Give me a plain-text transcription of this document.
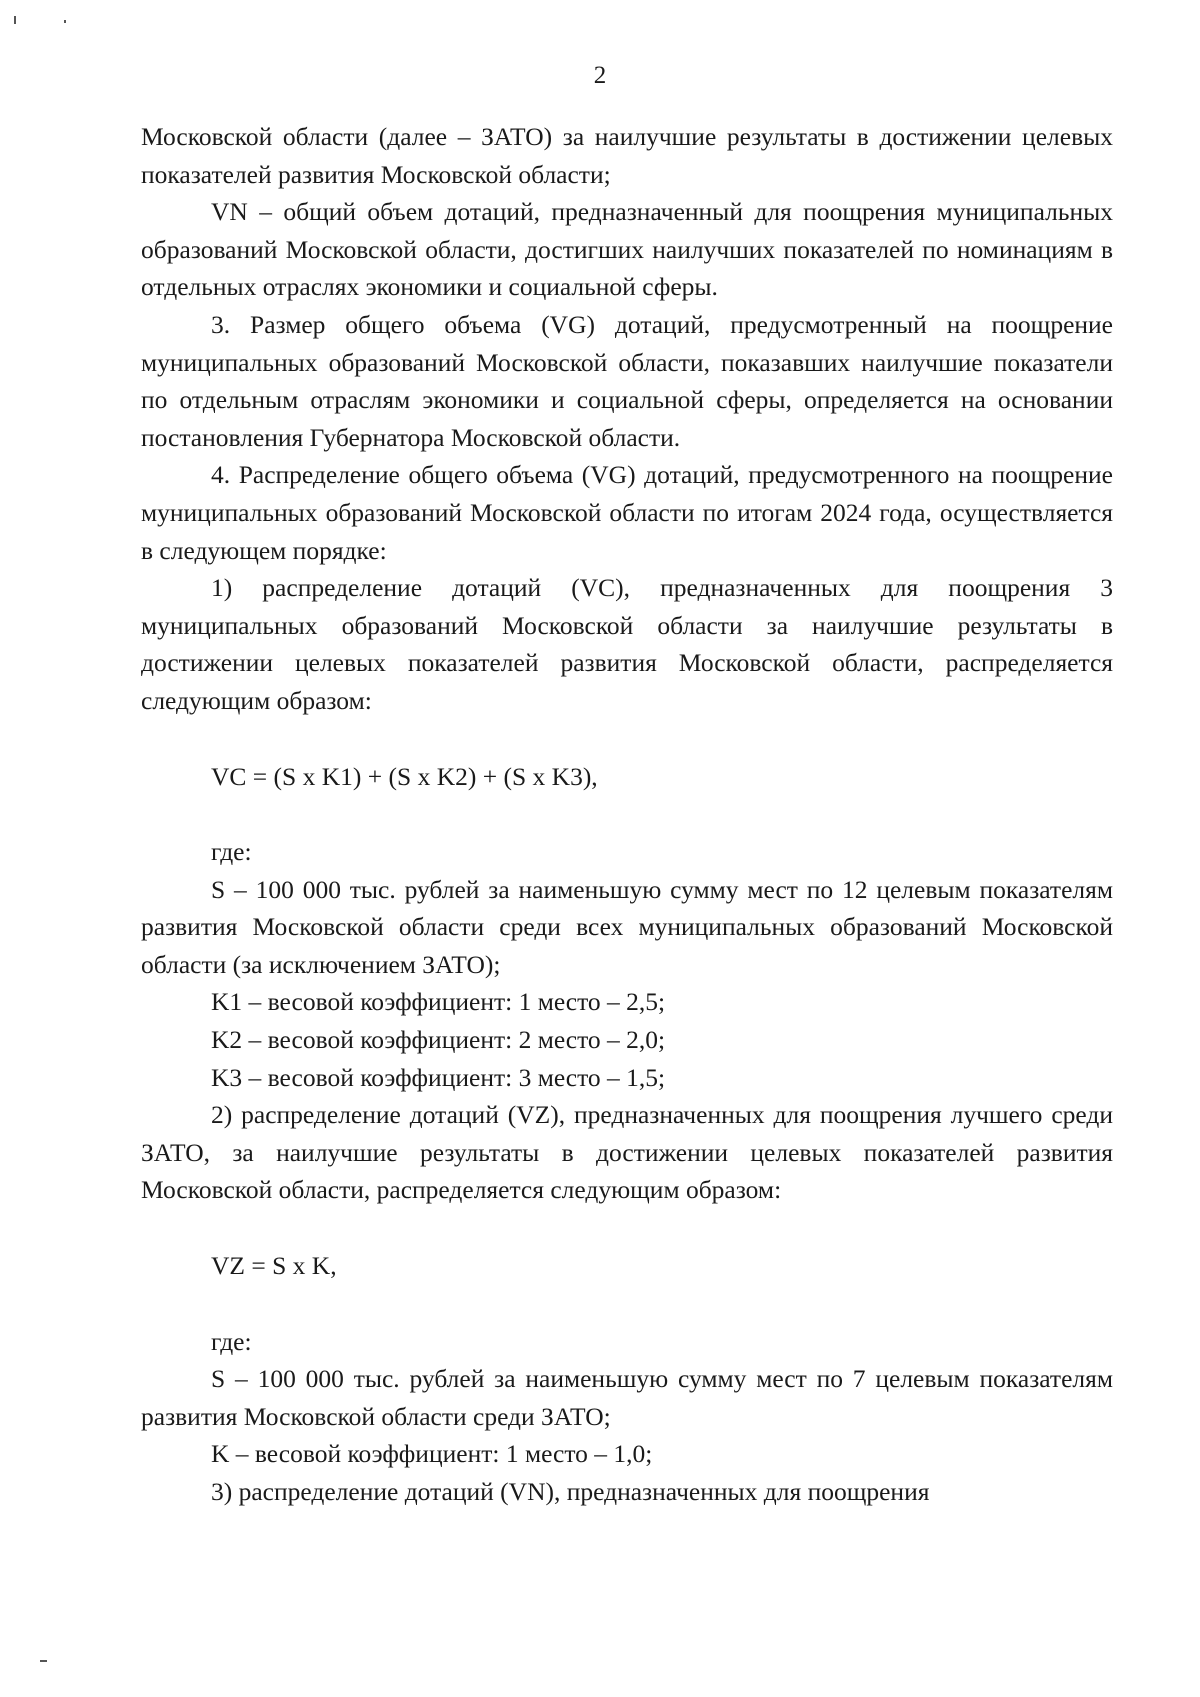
2

Московской области (далее – ЗАТО) за наилучшие результаты в достижении целевых показателей развития Московской области;

VN – общий объем дотаций, предназначенный для поощрения муниципальных образований Московской области, достигших наилучших показателей по номинациям в отдельных отраслях экономики и социальной сферы.

3. Размер общего объема (VG) дотаций, предусмотренный на поощрение муниципальных образований Московской области, показавших наилучшие показатели по отдельным отраслям экономики и социальной сферы, определяется на основании постановления Губернатора Московской области.

4. Распределение общего объема (VG) дотаций, предусмотренного на поощрение муниципальных образований Московской области по итогам 2024 года, осуществляется в следующем порядке:

1) распределение дотаций (VC), предназначенных для поощрения 3 муниципальных образований Московской области за наилучшие результаты в достижении целевых показателей развития Московской области, распределяется следующим образом:

VC = (S x K1) + (S x K2) + (S x K3),

где:

S – 100 000 тыс. рублей за наименьшую сумму мест по 12 целевым показателям развития Московской области среди всех муниципальных образований Московской области (за исключением ЗАТО);

K1 – весовой коэффициент: 1 место – 2,5;

K2 – весовой коэффициент: 2 место – 2,0;

K3 – весовой коэффициент: 3 место – 1,5;

2) распределение дотаций (VZ), предназначенных для поощрения лучшего среди ЗАТО, за наилучшие результаты в достижении целевых показателей развития Московской области, распределяется следующим образом:

VZ = S x K,

где:

S – 100 000 тыс. рублей за наименьшую сумму мест по 7 целевым показателям развития Московской области среди ЗАТО;

K – весовой коэффициент: 1 место – 1,0;

3) распределение дотаций (VN), предназначенных для поощрения
